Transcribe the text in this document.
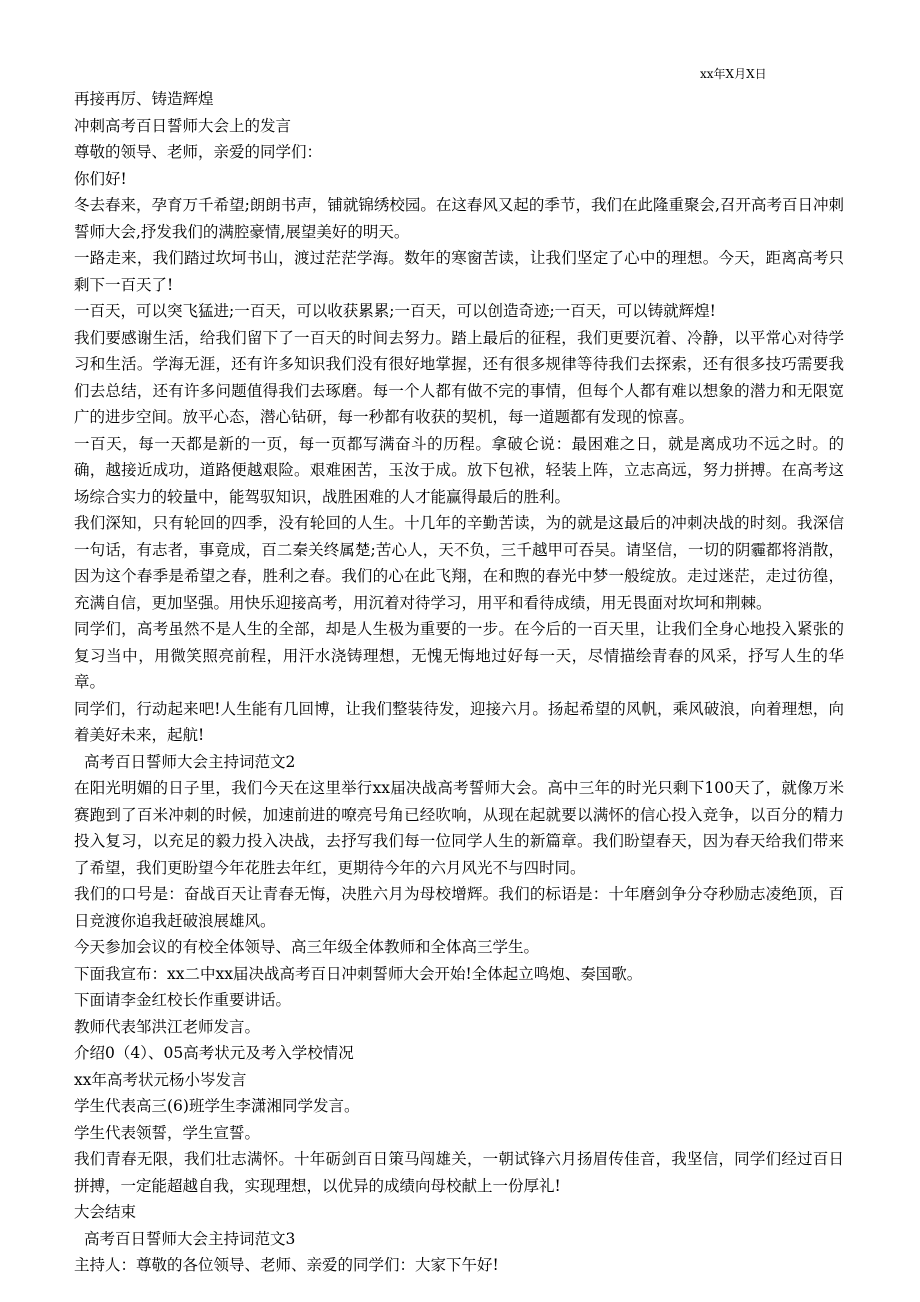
xx年X月X日

再接再厉、铸造辉煌

冲刺高考百日誓师大会上的发言

尊敬的领导、老师，亲爱的同学们：

你们好!

冬去春来，孕育万千希望;朗朗书声，铺就锦绣校园。在这春风又起的季节，我们在此隆重聚会,召开高考百日冲刺誓师大会,抒发我们的满腔豪情,展望美好的明天。

一路走来，我们踏过坎坷书山，渡过茫茫学海。数年的寒窗苦读，让我们坚定了心中的理想。今天，距离高考只剩下一百天了!

一百天，可以突飞猛进;一百天，可以收获累累;一百天，可以创造奇迹;一百天，可以铸就辉煌!

我们要感谢生活，给我们留下了一百天的时间去努力。踏上最后的征程，我们更要沉着、冷静，以平常心对待学习和生活。学海无涯，还有许多知识我们没有很好地掌握，还有很多规律等待我们去探索，还有很多技巧需要我们去总结，还有许多问题值得我们去琢磨。每一个人都有做不完的事情，但每个人都有难以想象的潜力和无限宽广的进步空间。放平心态，潜心钻研，每一秒都有收获的契机，每一道题都有发现的惊喜。

一百天，每一天都是新的一页，每一页都写满奋斗的历程。拿破仑说：最困难之日，就是离成功不远之时。的确，越接近成功，道路便越艰险。艰难困苦，玉汝于成。放下包袱，轻装上阵，立志高远，努力拼搏。在高考这场综合实力的较量中，能驾驭知识，战胜困难的人才能赢得最后的胜利。

我们深知，只有轮回的四季，没有轮回的人生。十几年的辛勤苦读，为的就是这最后的冲刺决战的时刻。我深信一句话，有志者，事竟成，百二秦关终属楚;苦心人，天不负，三千越甲可吞吴。请坚信，一切的阴霾都将消散，因为这个春季是希望之春，胜利之春。我们的心在此飞翔，在和煦的春光中梦一般绽放。走过迷茫，走过彷徨，充满自信，更加坚强。用快乐迎接高考，用沉着对待学习，用平和看待成绩，用无畏面对坎坷和荆棘。

同学们，高考虽然不是人生的全部，却是人生极为重要的一步。在今后的一百天里，让我们全身心地投入紧张的复习当中，用微笑照亮前程，用汗水浇铸理想，无愧无悔地过好每一天，尽情描绘青春的风采，抒写人生的华章。

同学们，行动起来吧!人生能有几回博，让我们整装待发，迎接六月。扬起希望的风帆，乘风破浪，向着理想，向着美好未来，起航!

高考百日誓师大会主持词范文2

在阳光明媚的日子里，我们今天在这里举行xx届决战高考誓师大会。高中三年的时光只剩下100天了，就像万米赛跑到了百米冲刺的时候，加速前进的嘹亮号角已经吹响，从现在起就要以满怀的信心投入竞争，以百分的精力投入复习，以充足的毅力投入决战，去抒写我们每一位同学人生的新篇章。我们盼望春天，因为春天给我们带来了希望，我们更盼望今年花胜去年红，更期待今年的六月风光不与四时同。

我们的口号是：奋战百天让青春无悔，决胜六月为母校增辉。我们的标语是：十年磨剑争分夺秒励志凌绝顶，百日竞渡你追我赶破浪展雄风。

今天参加会议的有校全体领导、高三年级全体教师和全体高三学生。

下面我宣布：xx二中xx届决战高考百日冲刺誓师大会开始!全体起立鸣炮、奏国歌。

下面请李金红校长作重要讲话。

教师代表邹洪江老师发言。

介绍0（4）、05高考状元及考入学校情况

xx年高考状元杨小岑发言

学生代表高三(6)班学生李潇湘同学发言。

学生代表领誓，学生宣誓。

我们青春无限，我们壮志满怀。十年砺剑百日策马闯雄关，一朝试锋六月扬眉传佳音，我坚信，同学们经过百日拼搏，一定能超越自我，实现理想，以优异的成绩向母校献上一份厚礼!

大会结束

高考百日誓师大会主持词范文3

主持人：尊敬的各位领导、老师、亲爱的同学们：大家下午好!
